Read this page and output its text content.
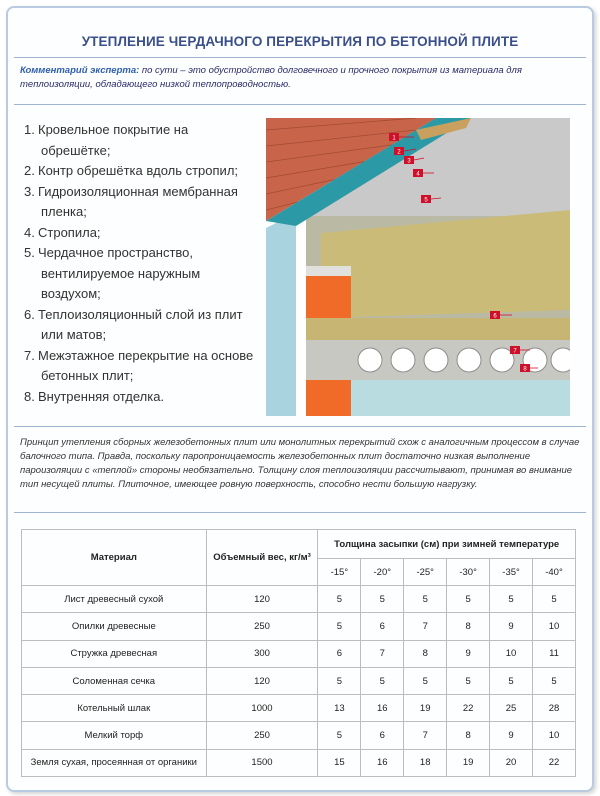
УТЕПЛЕНИЕ ЧЕРДАЧНОГО ПЕРЕКРЫТИЯ ПО БЕТОННОЙ ПЛИТЕ
Комментарий эксперта: по сути – это обустройство долговечного и прочного покрытия из материала для теплоизоляции, обладающего низкой теплопроводностью.
1. Кровельное покрытие на
обрешётке;
2. Контр обрешётка вдоль стропил;
3. Гидроизоляционная мембранная
пленка;
4. Стропила;
5. Чердачное пространство,
вентилируемое наружным
воздухом;
6. Теплоизоляционный слой из плит
или матов;
7. Межэтажное перекрытие на основе
бетонных плит;
8. Внутренняя отделка.
1
2
3
4
5
6
7
8
Принцип утепления сборных железобетонных плит или монолитных перекрытий схож с аналогичным процессом в случае балочного типа. Правда, поскольку паропроницаемость железобетонных плит достаточно низкая выполнение пароизоляции с «теплой» стороны необязательно. Толщину слоя теплоизоляции рассчитывают, принимая во внимание тип несущей плиты. Плиточное, имеющее ровную поверхность, способно нести большую нагрузку.
Материал	Объемный вес, кг/м³	Толщина засыпки (см) при зимней температуре					
		-15°	-20°	-25°	-30°	-35°	-40°
Лист древесный сухой	120	5	5	5	5	5	5
Опилки древесные	250	5	6	7	8	9	10
Стружка древесная	300	6	7	8	9	10	11
Соломенная сечка	120	5	5	5	5	5	5
Котельный шлак	1000	13	16	19	22	25	28
Мелкий торф	250	5	6	7	8	9	10
Земля сухая, просеянная от органики	1500	15	16	18	19	20	22
